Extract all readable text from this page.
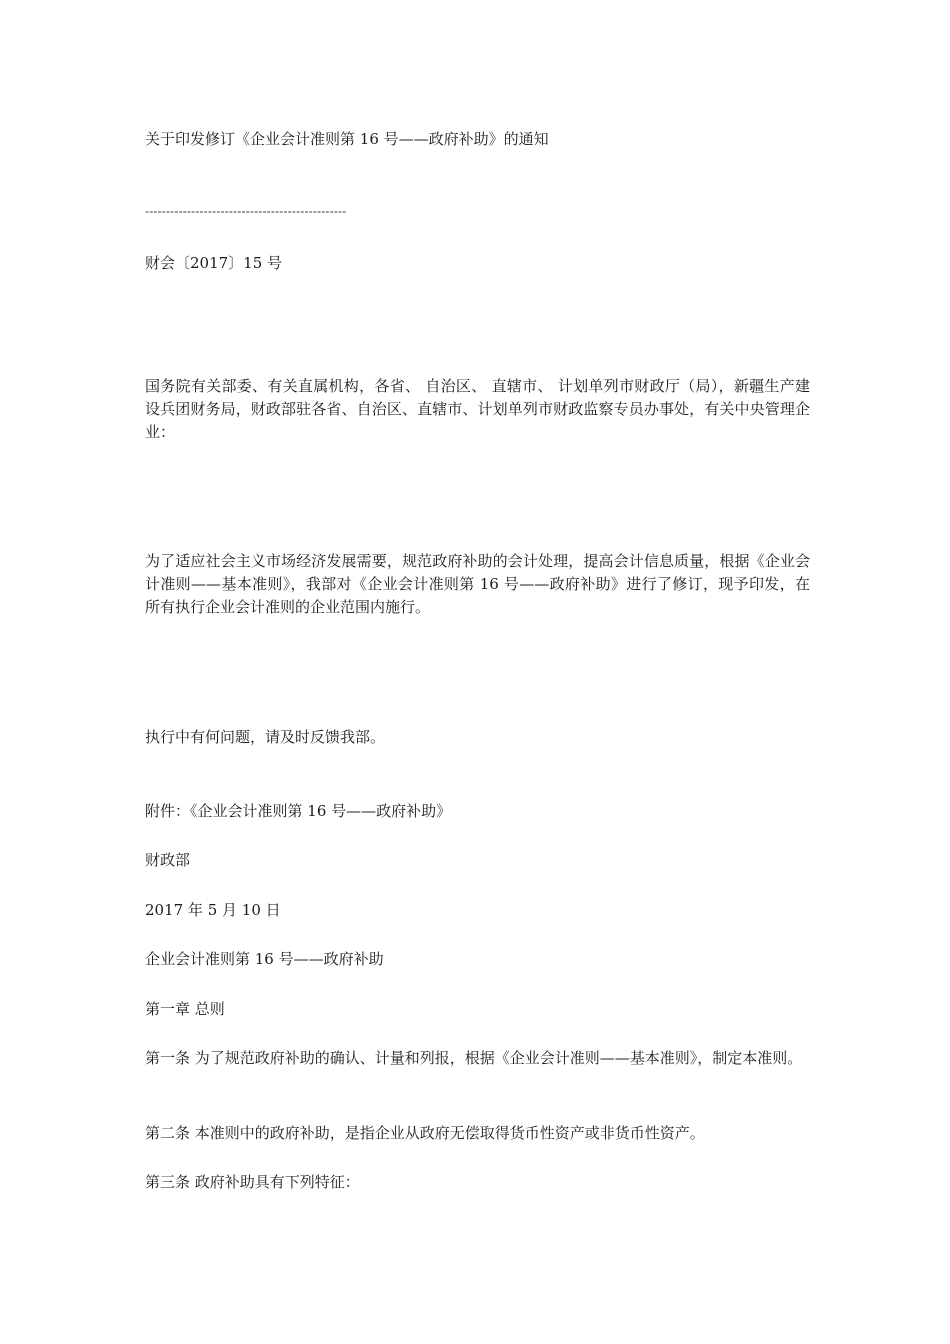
关于印发修订《企业会计准则第 16 号——政府补助》的通知
------------------------------------------------
财会〔2017〕15 号
国务院有关部委、有关直属机构，各省、 自治区、 直辖市、 计划单列市财政厅（局），新疆生产建设兵团财务局，财政部驻各省、自治区、直辖市、计划单列市财政监察专员办事处，有关中央管理企业：
为了适应社会主义市场经济发展需要，规范政府补助的会计处理，提高会计信息质量，根据《企业会计准则——基本准则》，我部对《企业会计准则第 16 号——政府补助》进行了修订，现予印发，在所有执行企业会计准则的企业范围内施行。
执行中有何问题，请及时反馈我部。
附件：《企业会计准则第 16 号——政府补助》
财政部
2017 年 5 月 10 日
企业会计准则第 16 号——政府补助
第一章 总则
第一条 为了规范政府补助的确认、计量和列报，根据《企业会计准则——基本准则》，制定本准则。
第二条 本准则中的政府补助，是指企业从政府无偿取得货币性资产或非货币性资产。
第三条 政府补助具有下列特征：
